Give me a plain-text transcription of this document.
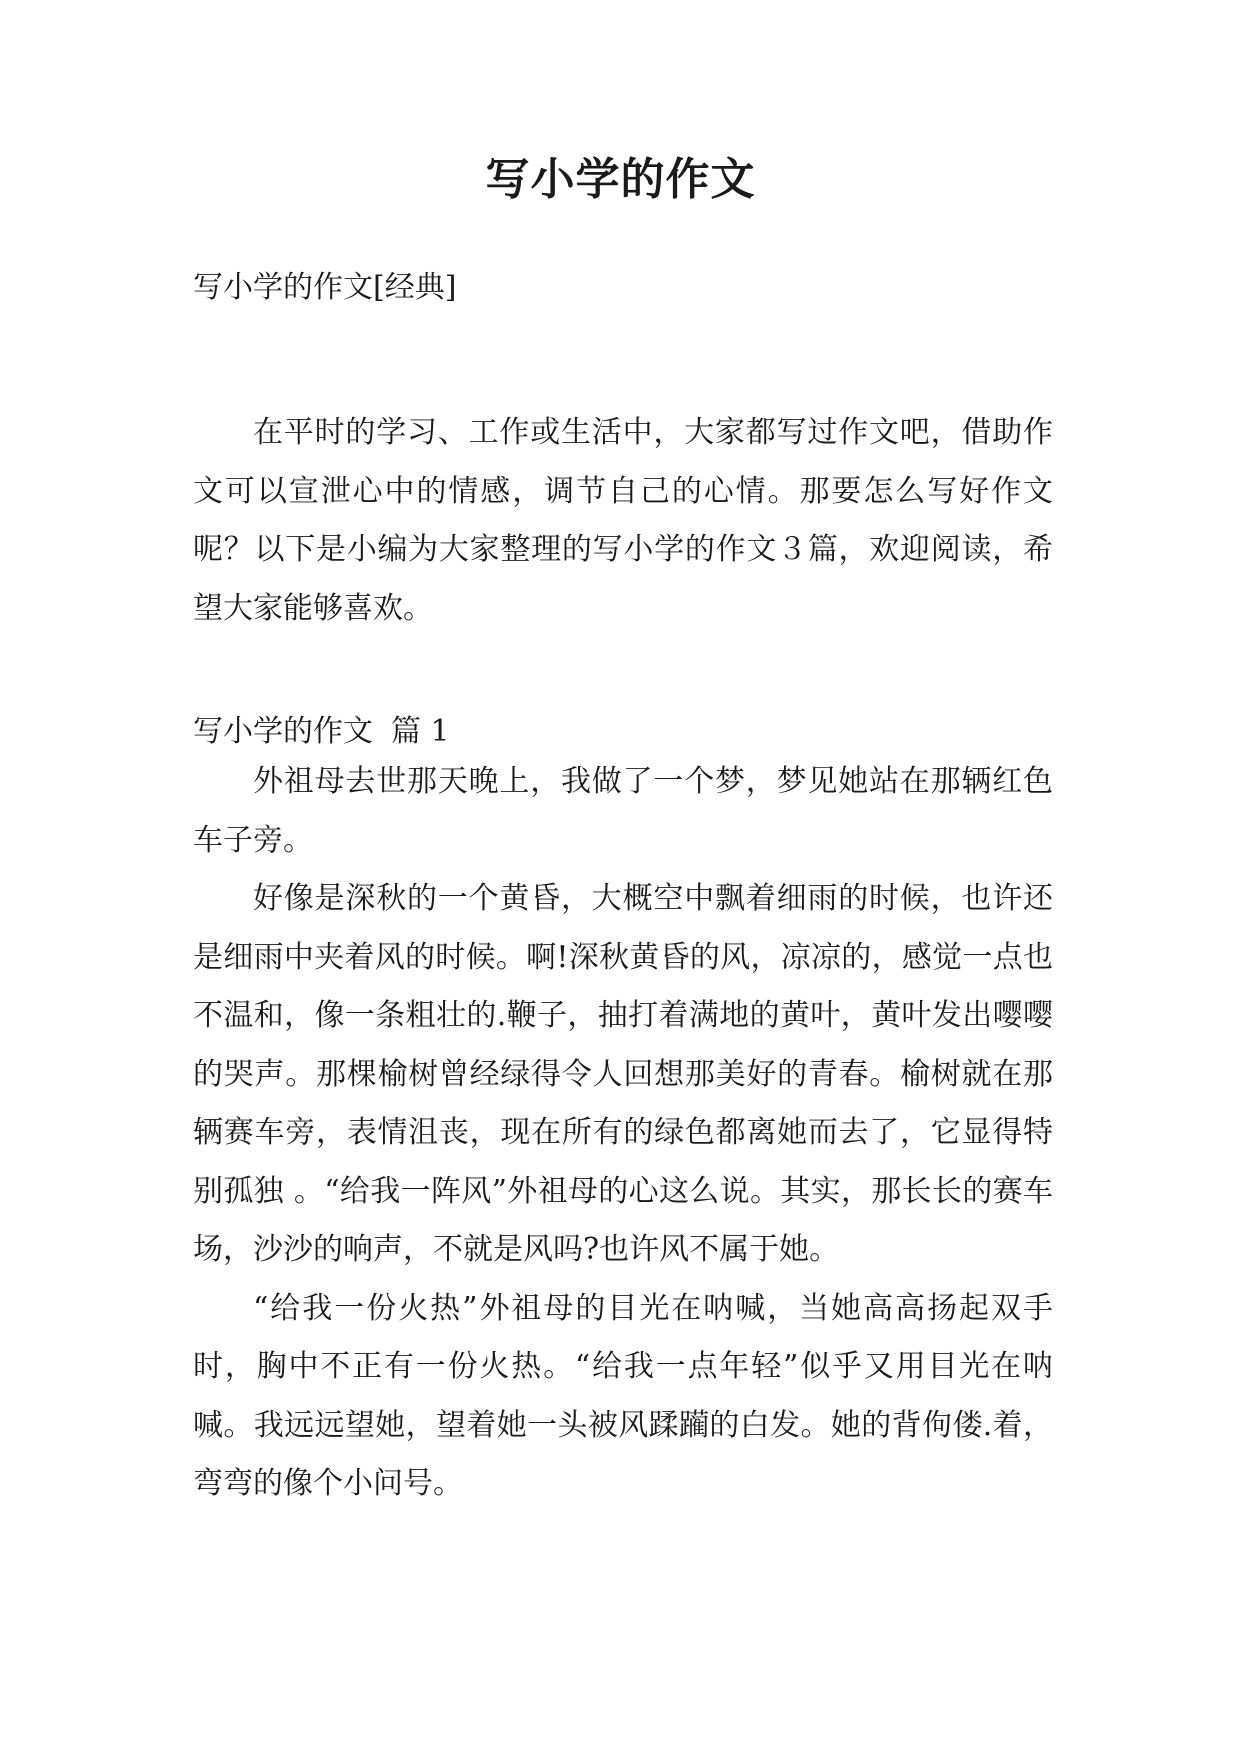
写小学的作文
写小学的作文[经典]

在平时的学习、工作或生活中，大家都写过作文吧，借助作文可以宣泄心中的情感，调节自己的心情。那要怎么写好作文呢？以下是小编为大家整理的写小学的作文３篇，欢迎阅读，希望大家能够喜欢。

写小学的作文 篇 1

外祖母去世那天晚上，我做了一个梦，梦见她站在那辆红色车子旁。

好像是深秋的一个黄昏，大概空中飘着细雨的时候，也许还是细雨中夹着风的时候。啊!深秋黄昏的风，凉凉的，感觉一点也不温和，像一条粗壮的.鞭子，抽打着满地的黄叶，黄叶发出嘤嘤的哭声。那棵榆树曾经绿得令人回想那美好的青春。榆树就在那辆赛车旁，表情沮丧，现在所有的绿色都离她而去了，它显得特别孤独 。“给我一阵风”外祖母的心这么说。其实，那长长的赛车场，沙沙的响声，不就是风吗?也许风不属于她。

“给我一份火热”外祖母的目光在呐喊，当她高高扬起双手时，胸中不正有一份火热。“给我一点年轻”似乎又用目光在呐喊。我远远望她，望着她一头被风蹂躏的白发。她的背佝偻.着，弯弯的像个小问号。
